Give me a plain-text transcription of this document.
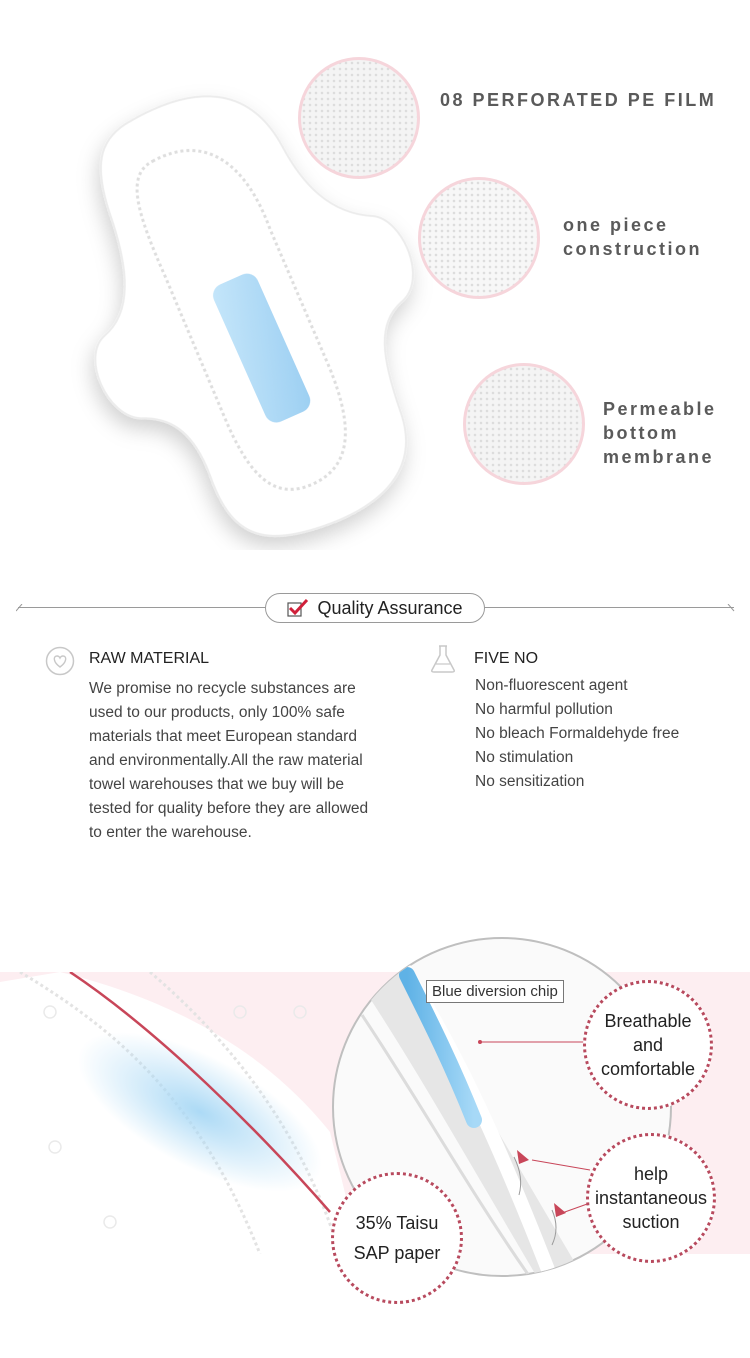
08 PERFORATED PE FILM
one piece
construction
Permeable
bottom
membrane
Quality Assurance
RAW MATERIAL
We promise no recycle substances are used to our products, only 100% safe materials that meet European standard and environmentally.All the raw material towel warehouses that we buy will be tested for quality before they are allowed to enter the warehouse.
FIVE NO
Non-fluorescent agent
No harmful pollution
No bleach Formaldehyde free
No stimulation
No sensitization
Blue diversion chip
Breathable
and
comfortable
help
instantaneous
suction
35% Taisu
SAP paper
